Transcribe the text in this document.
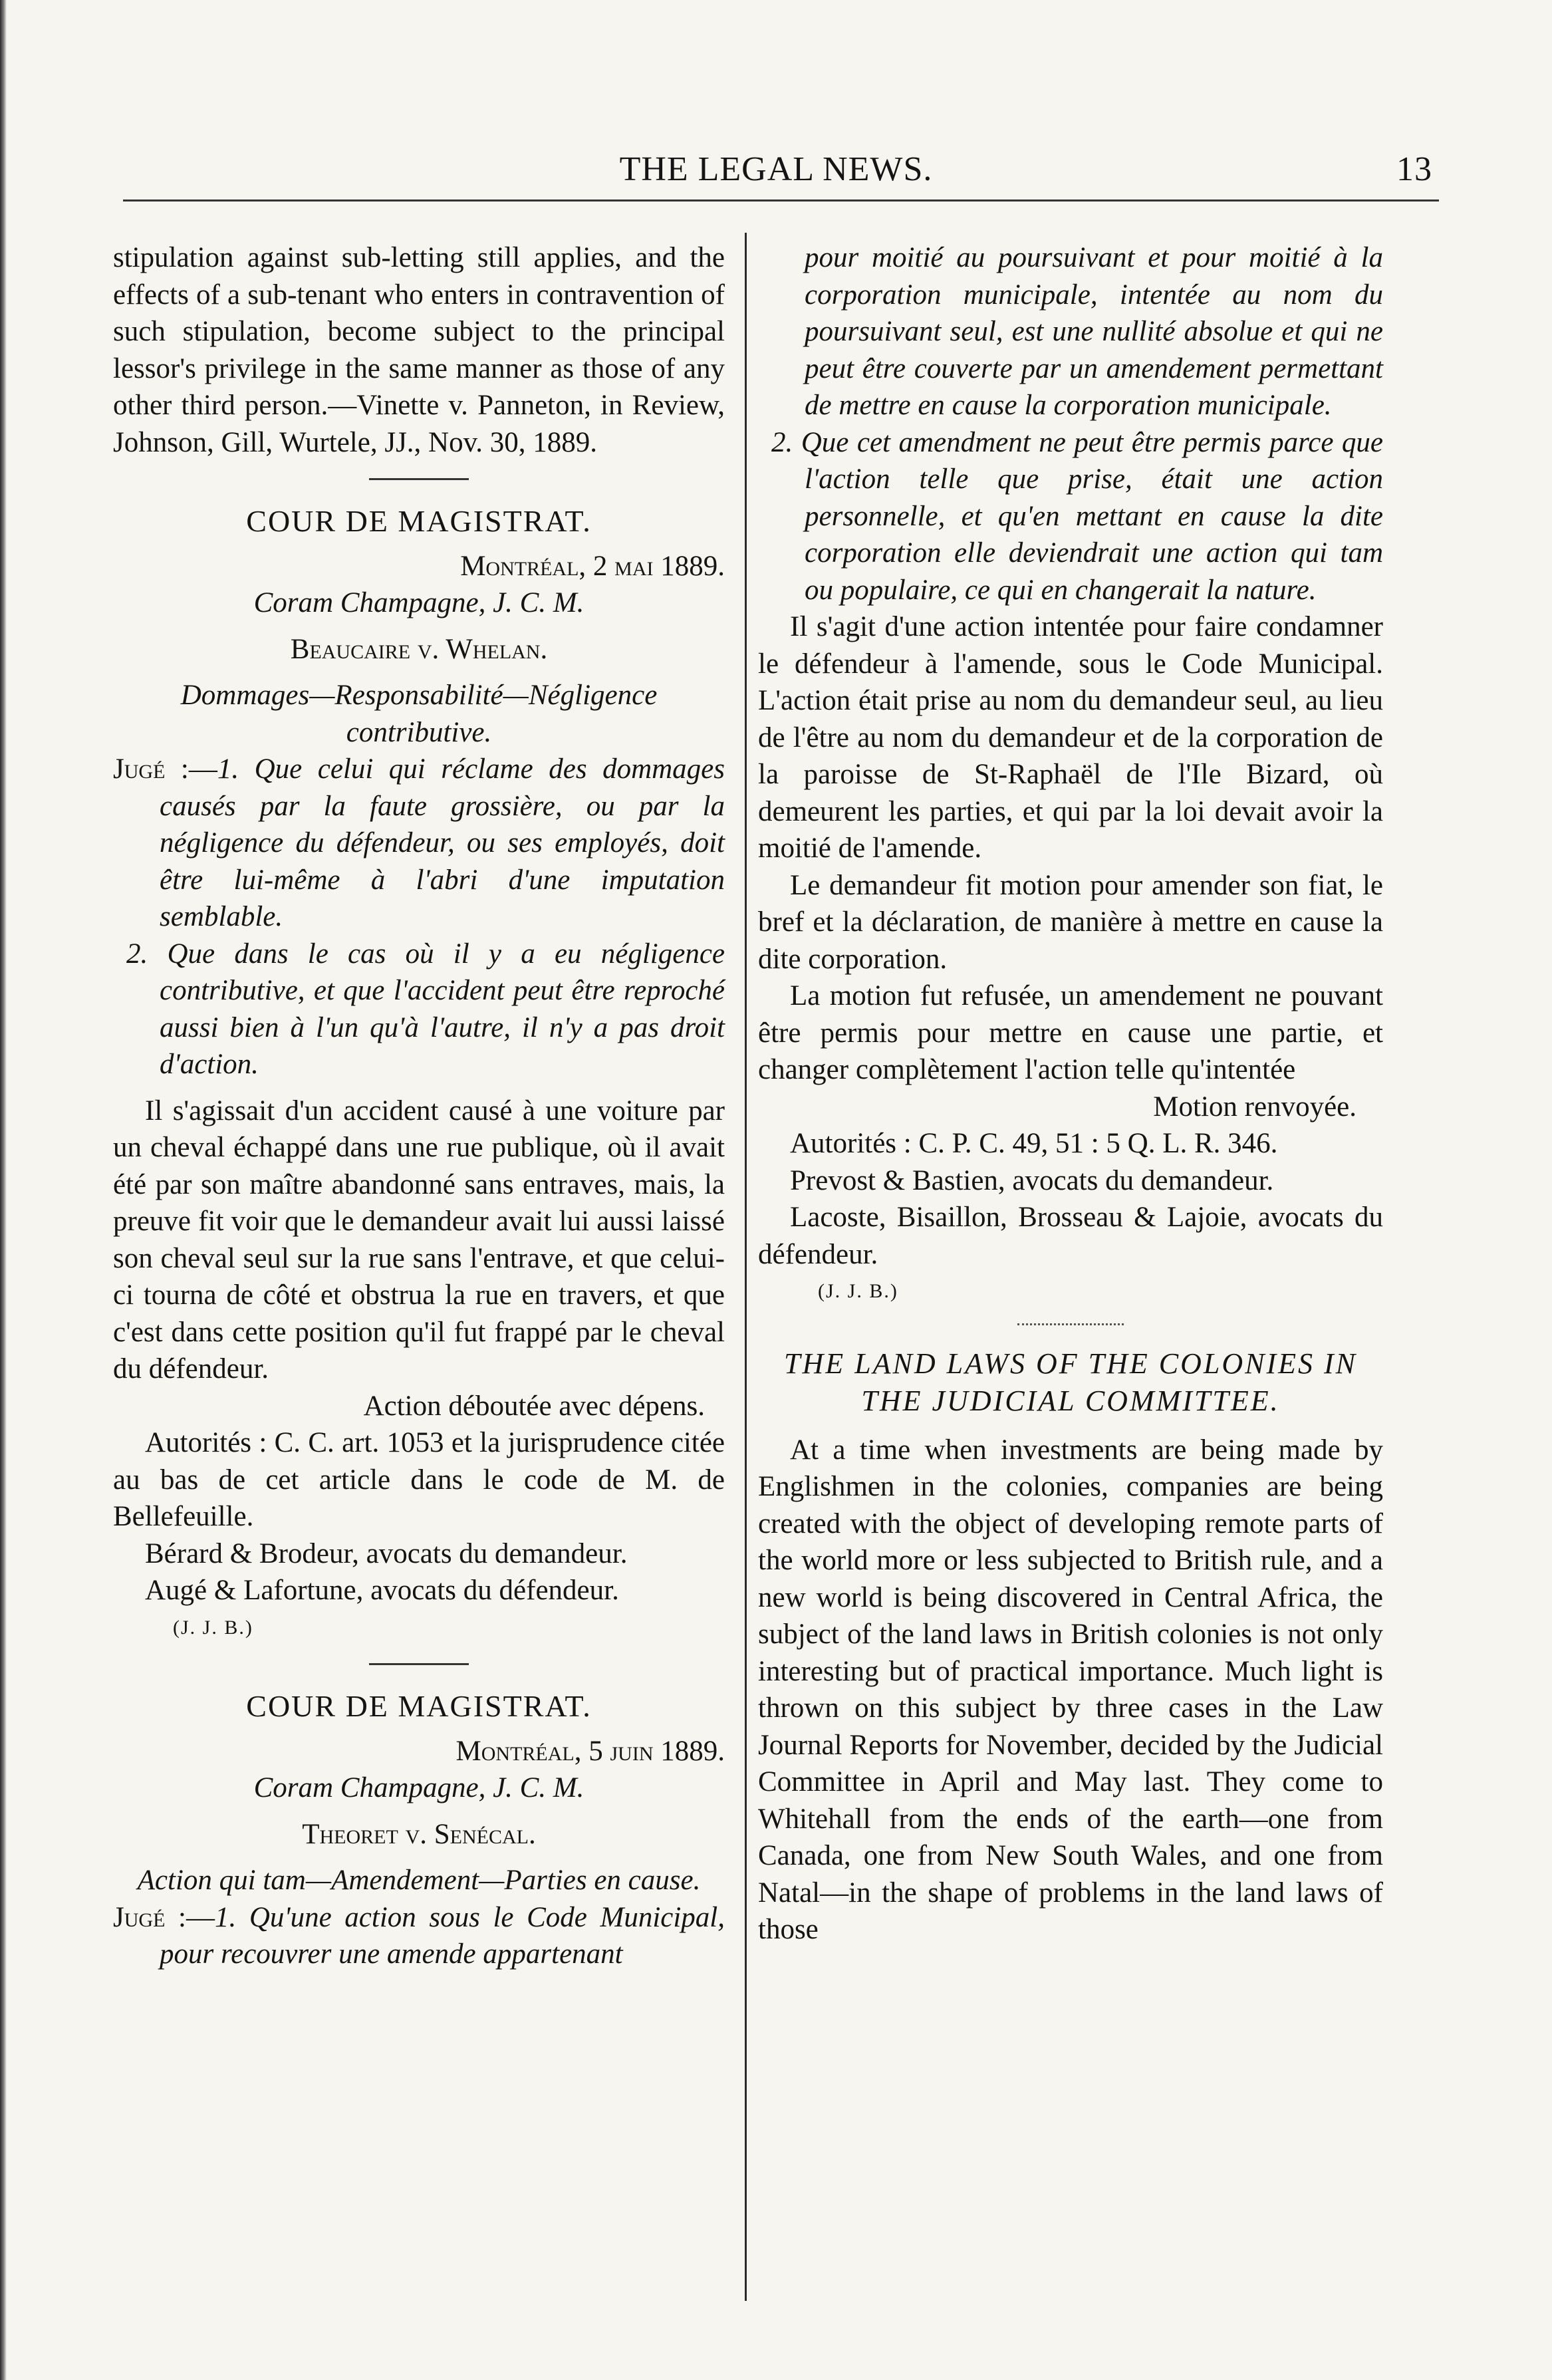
THE LEGAL NEWS.	13

stipulation against sub-letting still applies, and the effects of a sub-tenant who enters in contravention of such stipulation, become subject to the principal lessor's privilege in the same manner as those of any other third person.—Vinette v. Panneton, in Review, Johnson, Gill, Wurtele, JJ., Nov. 30, 1889.

COUR DE MAGISTRAT.

Montréal, 2 mai 1889.

Coram Champagne, J. C. M.

Beaucaire v. Whelan.

Dommages—Responsabilité—Négligence contributive.

Jugé :—1. Que celui qui réclame des dommages causés par la faute grossière, ou par la négligence du défendeur, ou ses employés, doit être lui-même à l'abri d'une imputation semblable.

2. Que dans le cas où il y a eu négligence contributive, et que l'accident peut être reproché aussi bien à l'un qu'à l'autre, il n'y a pas droit d'action.

Il s'agissait d'un accident causé à une voiture par un cheval échappé dans une rue publique, où il avait été par son maître abandonné sans entraves, mais, la preuve fit voir que le demandeur avait lui aussi laissé son cheval seul sur la rue sans l'entrave, et que celui-ci tourna de côté et obstrua la rue en travers, et que c'est dans cette position qu'il fut frappé par le cheval du défendeur.

Action déboutée avec dépens.

Autorités : C. C. art. 1053 et la jurisprudence citée au bas de cet article dans le code de M. de Bellefeuille.

Bérard & Brodeur, avocats du demandeur.

Augé & Lafortune, avocats du défendeur.

(J. J. B.)

COUR DE MAGISTRAT.

Montréal, 5 juin 1889.

Coram Champagne, J. C. M.

Theoret v. Senécal.

Action qui tam—Amendement—Parties en cause.

Jugé :—1. Qu'une action sous le Code Municipal, pour recouvrer une amende appartenant

pour moitié au poursuivant et pour moitié à la corporation municipale, intentée au nom du poursuivant seul, est une nullité absolue et qui ne peut être couverte par un amendement permettant de mettre en cause la corporation municipale.

2. Que cet amendment ne peut être permis parce que l'action telle que prise, était une action personnelle, et qu'en mettant en cause la dite corporation elle deviendrait une action qui tam ou populaire, ce qui en changerait la nature.

Il s'agit d'une action intentée pour faire condamner le défendeur à l'amende, sous le Code Municipal. L'action était prise au nom du demandeur seul, au lieu de l'être au nom du demandeur et de la corporation de la paroisse de St-Raphaël de l'Ile Bizard, où demeurent les parties, et qui par la loi devait avoir la moitié de l'amende.

Le demandeur fit motion pour amender son fiat, le bref et la déclaration, de manière à mettre en cause la dite corporation.

La motion fut refusée, un amendement ne pouvant être permis pour mettre en cause une partie, et changer complètement l'action telle qu'intentée

Motion renvoyée.

Autorités : C. P. C. 49, 51 : 5 Q. L. R. 346.

Prevost & Bastien, avocats du demandeur.

Lacoste, Bisaillon, Brosseau & Lajoie, avocats du défendeur.

(J. J. B.)

THE LAND LAWS OF THE COLONIES IN THE JUDICIAL COMMITTEE.

At a time when investments are being made by Englishmen in the colonies, companies are being created with the object of developing remote parts of the world more or less subjected to British rule, and a new world is being discovered in Central Africa, the subject of the land laws in British colonies is not only interesting but of practical importance. Much light is thrown on this subject by three cases in the Law Journal Reports for November, decided by the Judicial Committee in April and May last. They come to Whitehall from the ends of the earth—one from Canada, one from New South Wales, and one from Natal—in the shape of problems in the land laws of those
